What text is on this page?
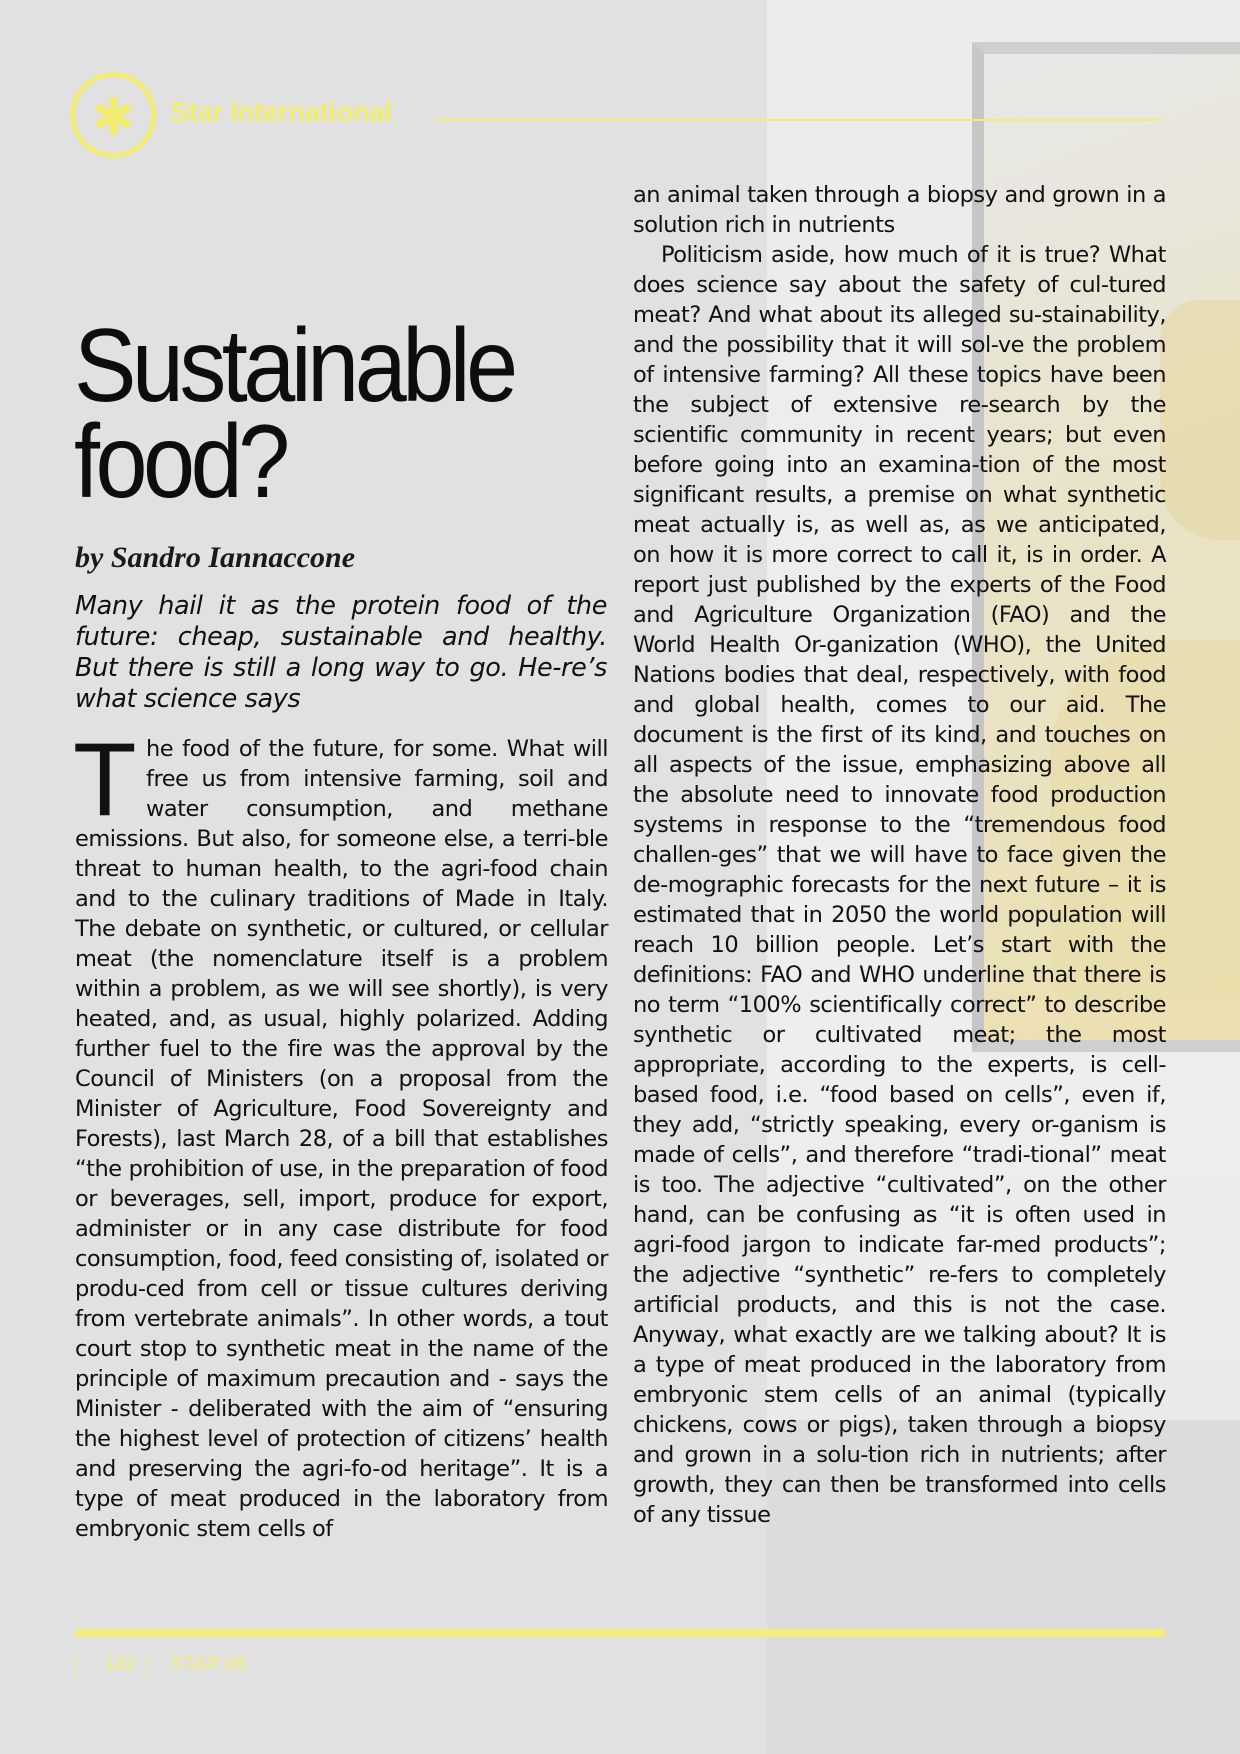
✱ Star International
Sustainable
food?

by Sandro Iannaccone

Many hail it as the protein food of the future: cheap, sustainable and healthy. But there is still a long way to go. He-re’s what science says

The food of the future, for some. What will free us from intensive farming, soil and water consumption, and methane emissions. But also, for someone else, a terri-ble threat to human health, to the agri-food chain and to the culinary traditions of Made in Italy. The debate on synthetic, or cultured, or cellular meat (the nomenclature itself is a problem within a problem, as we will see shortly), is very heated, and, as usual, highly polarized. Adding further fuel to the fire was the approval by the Council of Ministers (on a proposal from the Minister of Agriculture, Food Sovereignty and Forests), last March 28, of a bill that establishes “the prohibition of use, in the preparation of food or beverages, sell, import, produce for export, administer or in any case distribute for food consumption, food, feed consisting of, isolated or produ-ced from cell or tissue cultures deriving from vertebrate animals”. In other words, a tout court stop to synthetic meat in the name of the principle of maximum precaution and - says the Minister - deliberated with the aim of “ensuring the highest level of protection of citizens’ health and preserving the agri-fo-od heritage”. It is a type of meat produced in the laboratory from embryonic stem cells of

an animal taken through a biopsy and grown in a solution rich in nutrients

Politicism aside, how much of it is true? What does science say about the safety of cul-tured meat? And what about its alleged su-stainability, and the possibility that it will sol-ve the problem of intensive farming? All these topics have been the subject of extensive re-search by the scientific community in recent years; but even before going into an examina-tion of the most significant results, a premise on what synthetic meat actually is, as well as, as we anticipated, on how it is more correct to call it, is in order. A report just published by the experts of the Food and Agriculture Organization (FAO) and the World Health Or-ganization (WHO), the United Nations bodies that deal, respectively, with food and global health, comes to our aid. The document is the first of its kind, and touches on all aspects of the issue, emphasizing above all the absolute need to innovate food production systems in response to the “tremendous food challen-ges” that we will have to face given the de-mographic forecasts for the next future – it is estimated that in 2050 the world population will reach 10 billion people. Let’s start with the definitions: FAO and WHO underline that there is no term “100% scientifically correct” to describe synthetic or cultivated meat; the most appropriate, according to the experts, is cell-based food, i.e. “food based on cells”, even if, they add, “strictly speaking, every or-ganism is made of cells”, and therefore “tradi-tional” meat is too. The adjective “cultivated”, on the other hand, can be confusing as “it is often used in agri-food jargon to indicate far-med products”; the adjective “synthetic” re-fers to completely artificial products, and this is not the case. Anyway, what exactly are we talking about? It is a type of meat produced in the laboratory from embryonic stem cells of an animal (typically chickens, cows or pigs), taken through a biopsy and grown in a solu-tion rich in nutrients; after growth, they can then be transformed into cells of any tissue

142 STAR #8
